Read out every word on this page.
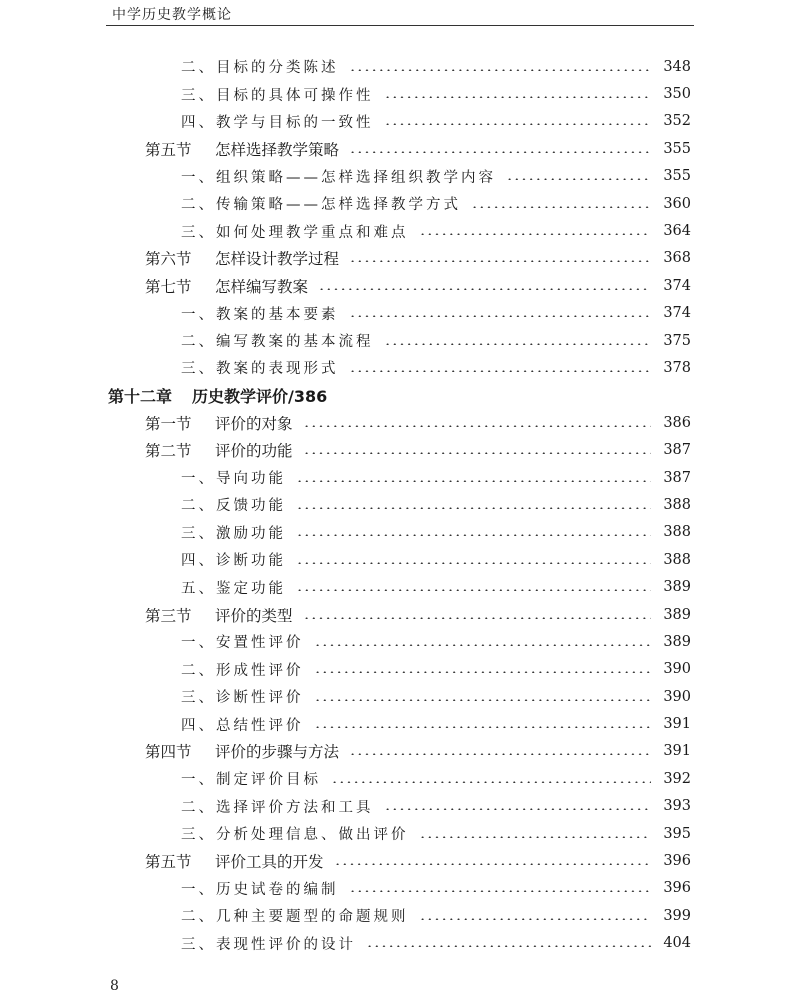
中学历史教学概论
二、目标的分类陈述	348
三、目标的具体可操作性	350
四、教学与目标的一致性	352
第五节	怎样选择教学策略	355
一、组织策略——怎样选择组织教学内容	355
二、传输策略——怎样选择教学方式	360
三、如何处理教学重点和难点	364
第六节	怎样设计教学过程	368
第七节	怎样编写教案	374
一、教案的基本要素	374
二、编写教案的基本流程	375
三、教案的表现形式	378
第十二章	历史教学评价/386
第一节	评价的对象	386
第二节	评价的功能	387
一、导向功能	387
二、反馈功能	388
三、激励功能	388
四、诊断功能	388
五、鉴定功能	389
第三节	评价的类型	389
一、安置性评价	389
二、形成性评价	390
三、诊断性评价	390
四、总结性评价	391
第四节	评价的步骤与方法	391
一、制定评价目标	392
二、选择评价方法和工具	393
三、分析处理信息、做出评价	395
第五节	评价工具的开发	396
一、历史试卷的编制	396
二、几种主要题型的命题规则	399
三、表现性评价的设计	404
8
